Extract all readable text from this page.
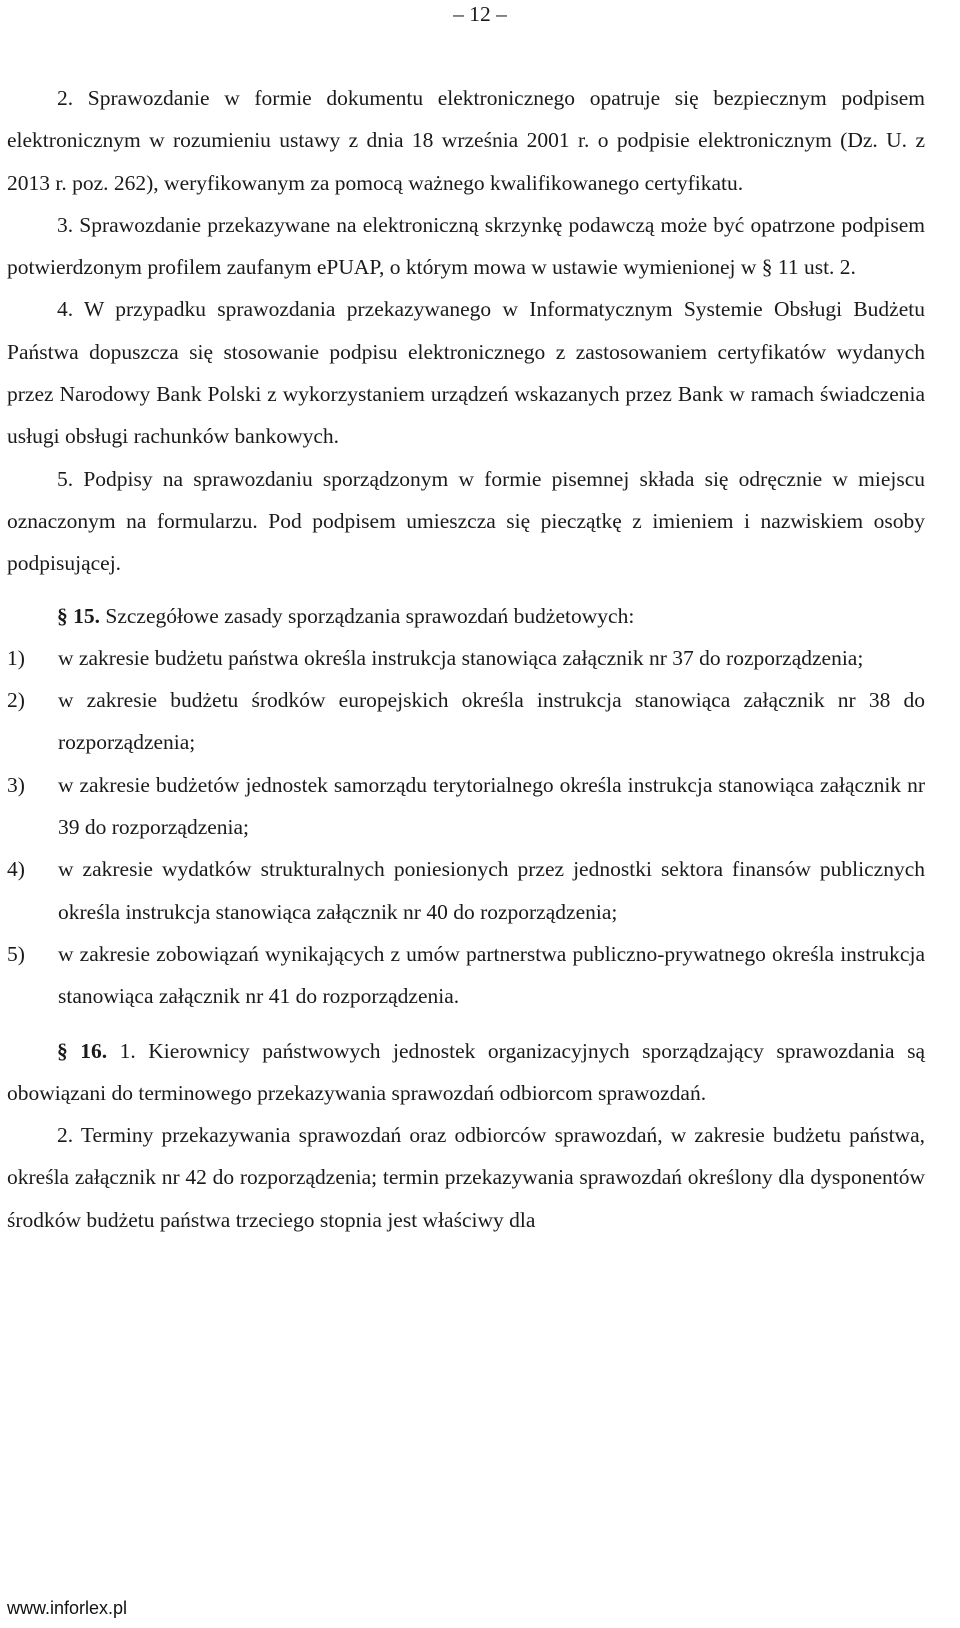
– 12 –

2. Sprawozdanie w formie dokumentu elektronicznego opatruje się bezpiecznym podpisem elektronicznym w rozumieniu ustawy z dnia 18 września 2001 r. o podpisie elektronicznym (Dz. U. z 2013 r. poz. 262), weryfikowanym za pomocą ważnego kwalifikowanego certyfikatu.

3. Sprawozdanie przekazywane na elektroniczną skrzynkę podawczą może być opatrzone podpisem potwierdzonym profilem zaufanym ePUAP, o którym mowa w ustawie wymienionej w § 11 ust. 2.

4. W przypadku sprawozdania przekazywanego w Informatycznym Systemie Obsługi Budżetu Państwa dopuszcza się stosowanie podpisu elektronicznego z zastosowaniem certyfikatów wydanych przez Narodowy Bank Polski z wykorzystaniem urządzeń wskazanych przez Bank w ramach świadczenia usługi obsługi rachunków bankowych.

5. Podpisy na sprawozdaniu sporządzonym w formie pisemnej składa się odręcznie w miejscu oznaczonym na formularzu. Pod podpisem umieszcza się pieczątkę z imieniem i nazwiskiem osoby podpisującej.

§ 15. Szczegółowe zasady sporządzania sprawozdań budżetowych:

1)	w zakresie budżetu państwa określa instrukcja stanowiąca załącznik nr 37 do rozporządzenia;
2)	w zakresie budżetu środków europejskich określa instrukcja stanowiąca załącznik nr 38 do rozporządzenia;
3)	w zakresie budżetów jednostek samorządu terytorialnego określa instrukcja stanowiąca załącznik nr 39 do rozporządzenia;
4)	w zakresie wydatków strukturalnych poniesionych przez jednostki sektora finansów publicznych określa instrukcja stanowiąca załącznik nr 40 do rozporządzenia;
5)	w zakresie zobowiązań wynikających z umów partnerstwa publiczno-prywatnego określa instrukcja stanowiąca załącznik nr 41 do rozporządzenia.

§ 16. 1. Kierownicy państwowych jednostek organizacyjnych sporządzający sprawozdania są obowiązani do terminowego przekazywania sprawozdań odbiorcom sprawozdań.

2. Terminy przekazywania sprawozdań oraz odbiorców sprawozdań, w zakresie budżetu państwa, określa załącznik nr 42 do rozporządzenia; termin przekazywania sprawozdań określony dla dysponentów środków budżetu państwa trzeciego stopnia jest właściwy dla

www.inforlex.pl
